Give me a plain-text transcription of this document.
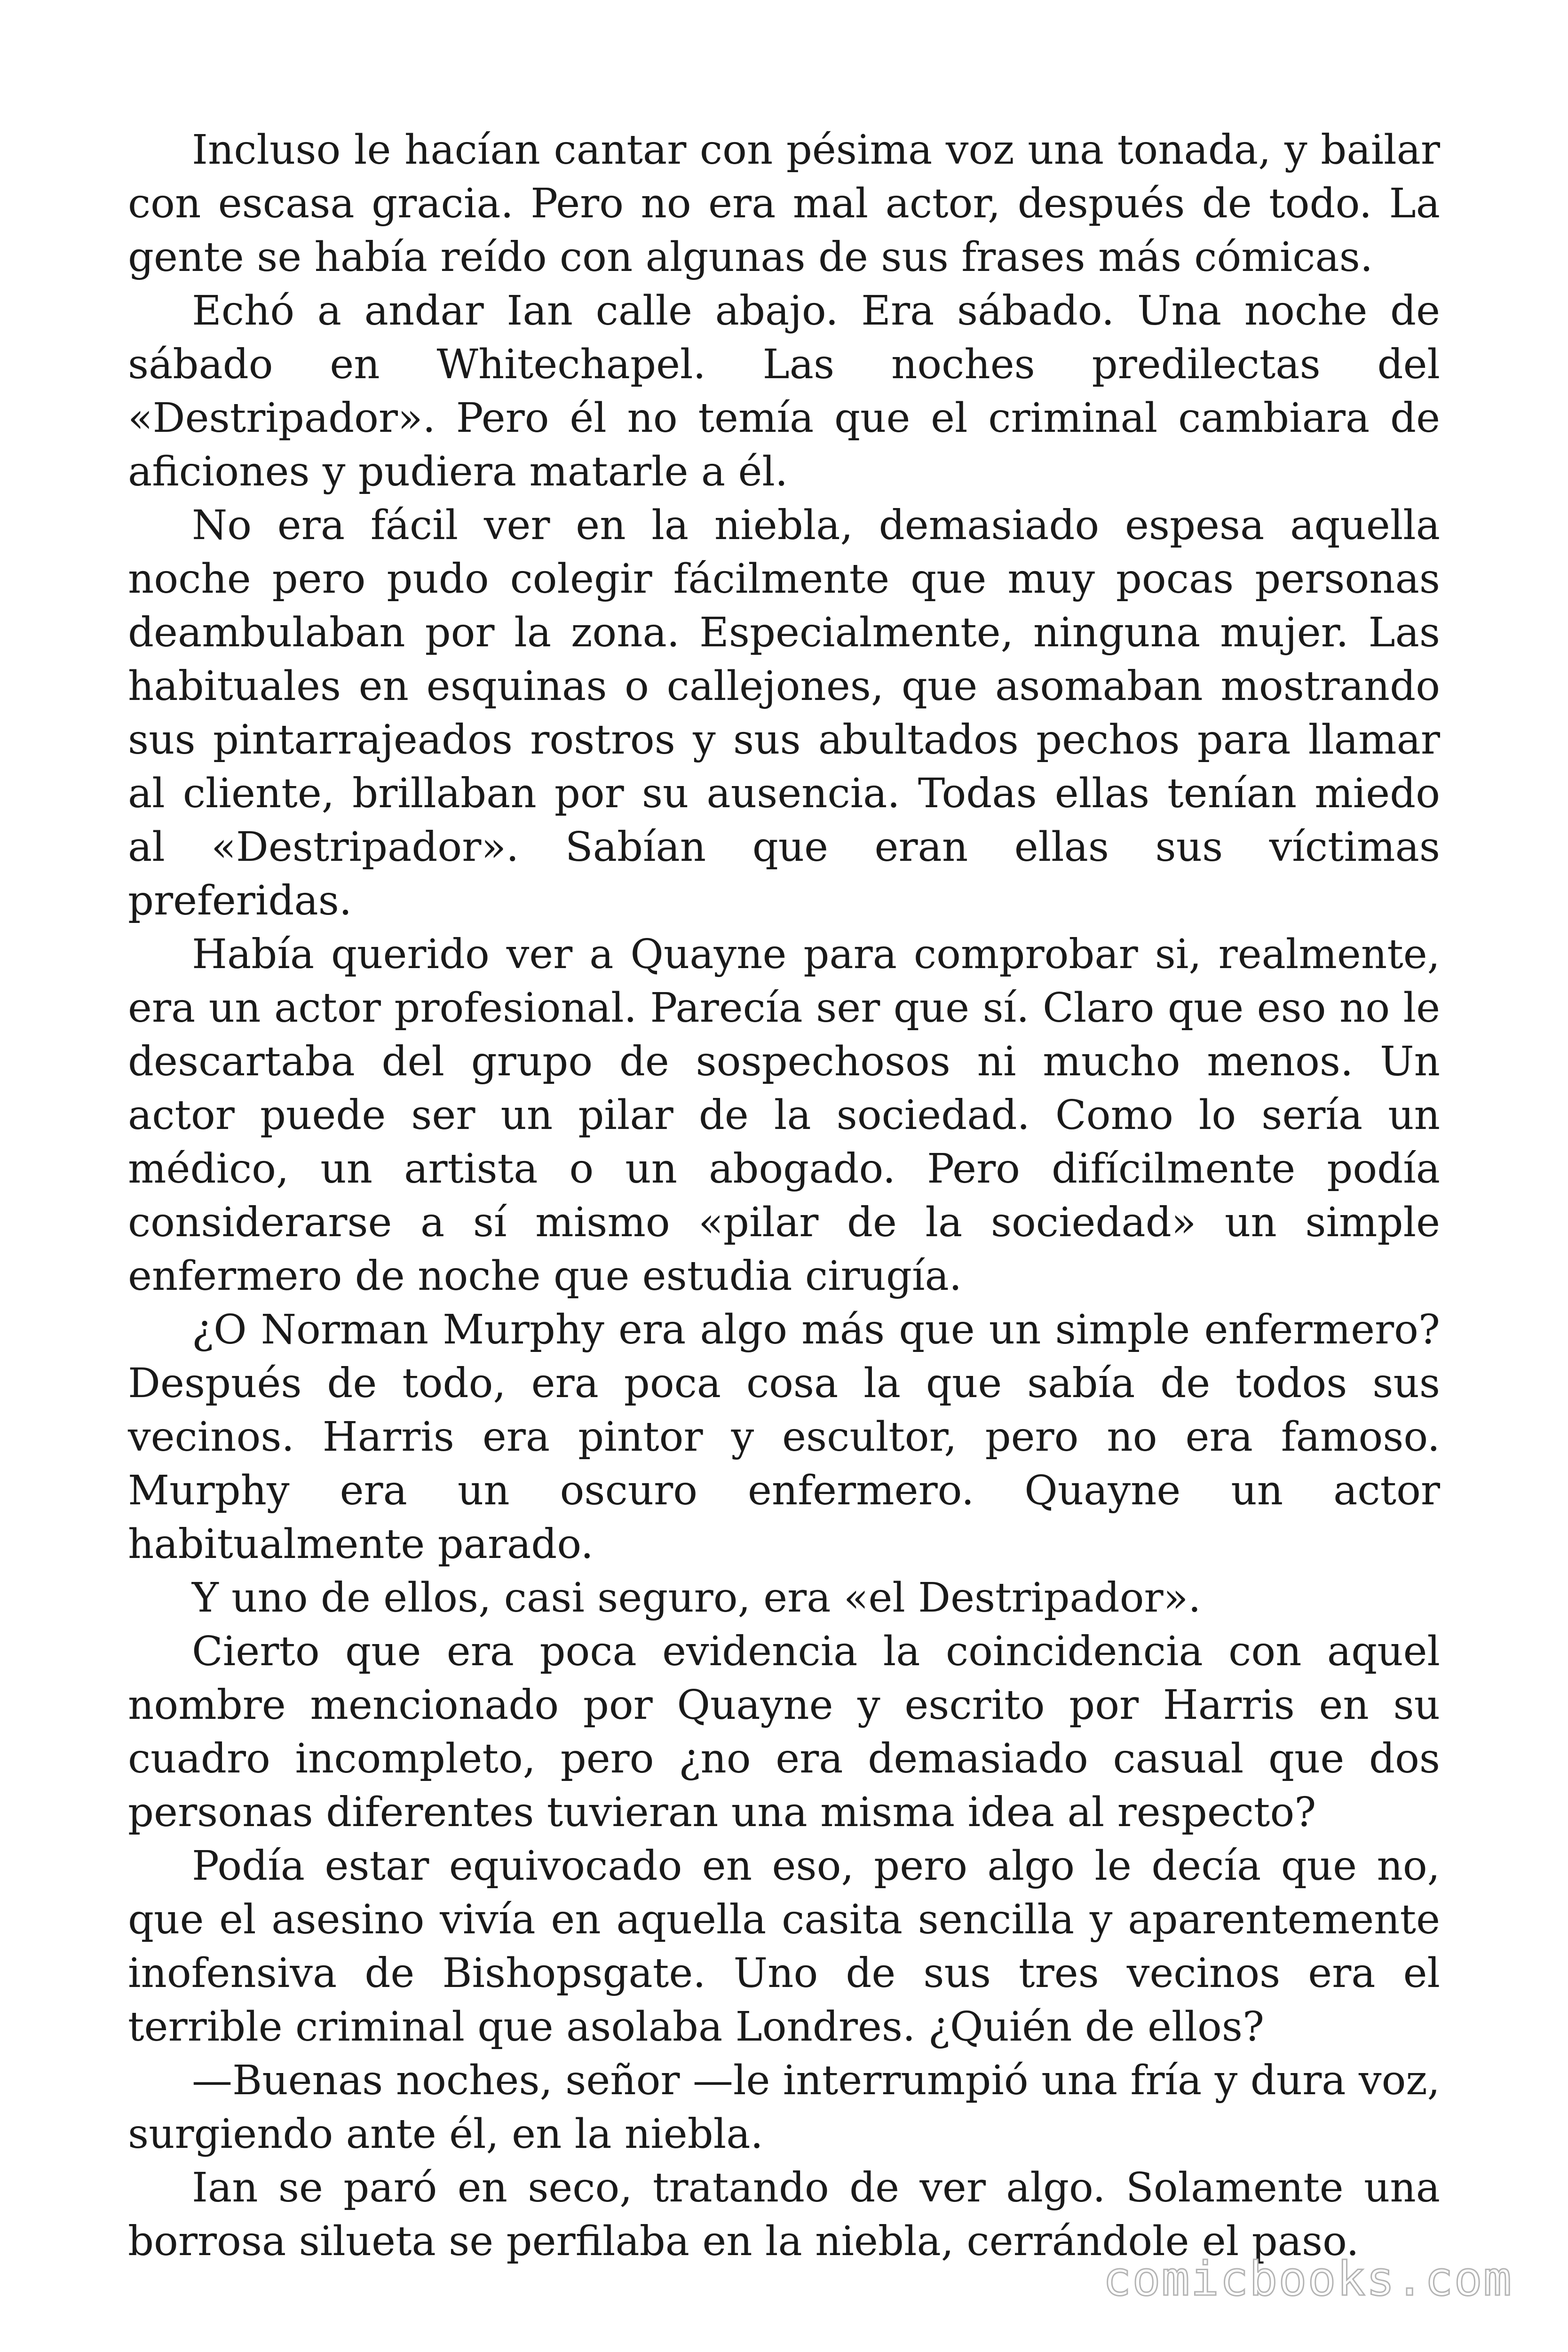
Incluso le hacían cantar con pésima voz una tonada, y bailar con escasa gracia. Pero no era mal actor, después de todo. La gente se había reído con algunas de sus frases más cómicas.

Echó a andar Ian calle abajo. Era sábado. Una noche de sábado en Whitechapel. Las noches predilectas del «Destripador». Pero él no temía que el criminal cambiara de aficiones y pudiera matarle a él.

No era fácil ver en la niebla, demasiado espesa aquella noche pero pudo colegir fácilmente que muy pocas personas deambulaban por la zona. Especialmente, ninguna mujer. Las habituales en esquinas o callejones, que asomaban mostrando sus pintarrajeados rostros y sus abultados pechos para llamar al cliente, brillaban por su ausencia. Todas ellas tenían miedo al «Destripador». Sabían que eran ellas sus víctimas preferidas.

Había querido ver a Quayne para comprobar si, realmente, era un actor profesional. Parecía ser que sí. Claro que eso no le descartaba del grupo de sospechosos ni mucho menos. Un actor puede ser un pilar de la sociedad. Como lo sería un médico, un artista o un abogado. Pero difícilmente podía considerarse a sí mismo «pilar de la sociedad» un simple enfermero de noche que estudia cirugía.

¿O Norman Murphy era algo más que un simple enfermero? Después de todo, era poca cosa la que sabía de todos sus vecinos. Harris era pintor y escultor, pero no era famoso. Murphy era un oscuro enfermero. Quayne un actor habitualmente parado.

Y uno de ellos, casi seguro, era «el Destripador».

Cierto que era poca evidencia la coincidencia con aquel nombre mencionado por Quayne y escrito por Harris en su cuadro incompleto, pero ¿no era demasiado casual que dos personas diferentes tuvieran una misma idea al respecto?

Podía estar equivocado en eso, pero algo le decía que no, que el asesino vivía en aquella casita sencilla y aparentemente inofensiva de Bishopsgate. Uno de sus tres vecinos era el terrible criminal que asolaba Londres. ¿Quién de ellos?

—Buenas noches, señor —le interrumpió una fría y dura voz, surgiendo ante él, en la niebla.

Ian se paró en seco, tratando de ver algo. Solamente una borrosa silueta se perfilaba en la niebla, cerrándole el paso.

comicbooks.com
